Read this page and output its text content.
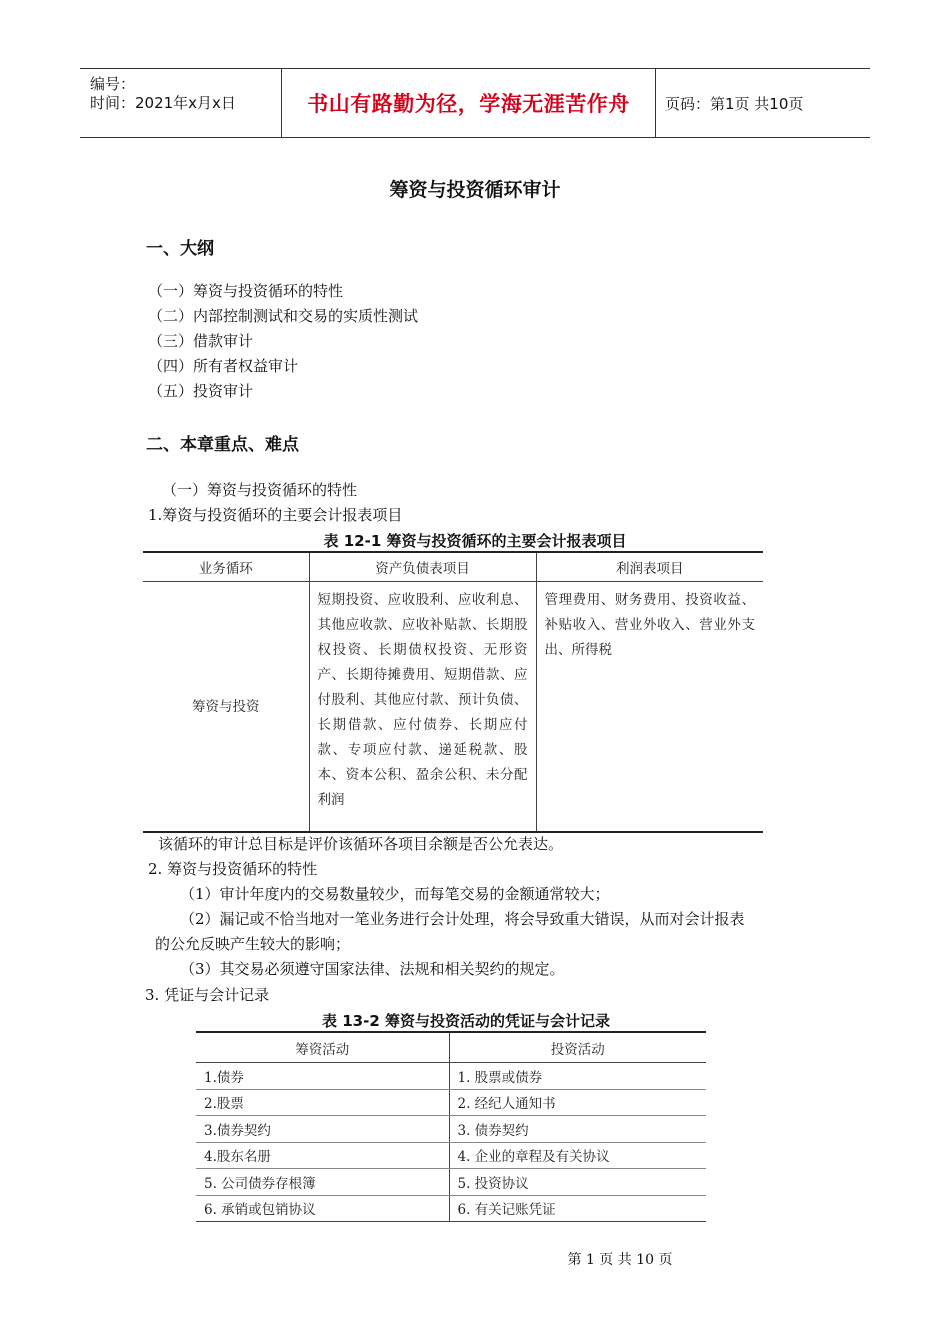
编号：
时间：2021年x月x日	书山有路勤为径，学海无涯苦作舟	页码：第1页 共10页
筹资与投资循环审计
一、大纲
（一）筹资与投资循环的特性
（二）内部控制测试和交易的实质性测试
（三）借款审计
（四）所有者权益审计
（五）投资审计
二、本章重点、难点
（一）筹资与投资循环的特性
1.筹资与投资循环的主要会计报表项目
表 12-1 筹资与投资循环的主要会计报表项目
业务循环	资产负债表项目	利润表项目
筹资与投资	短期投资、应收股利、应收利息、其他应收款、应收补贴款、长期股权投资、长期债权投资、无形资产、长期待摊费用、短期借款、应付股利、其他应付款、预计负债、长期借款、应付债券、长期应付款、专项应付款、递延税款、股本、资本公积、盈余公积、未分配利润	管理费用、财务费用、投资收益、补贴收入、营业外收入、营业外支出、所得税
该循环的审计总目标是评价该循环各项目余额是否公允表达。
2. 筹资与投资循环的特性
（1）审计年度内的交易数量较少，而每笔交易的金额通常较大；
（2）漏记或不恰当地对一笔业务进行会计处理，将会导致重大错误，从而对会计报表
的公允反映产生较大的影响；
（3）其交易必须遵守国家法律、法规和相关契约的规定。
3. 凭证与会计记录
表 13-2 筹资与投资活动的凭证与会计记录
筹资活动	投资活动
1.债券	1. 股票或债券
2.股票	2. 经纪人通知书
3.债券契约	3. 债券契约
4.股东名册	4. 企业的章程及有关协议
5. 公司债券存根簿	5. 投资协议
6. 承销或包销协议	6. 有关记账凭证
第 1 页 共 10 页
